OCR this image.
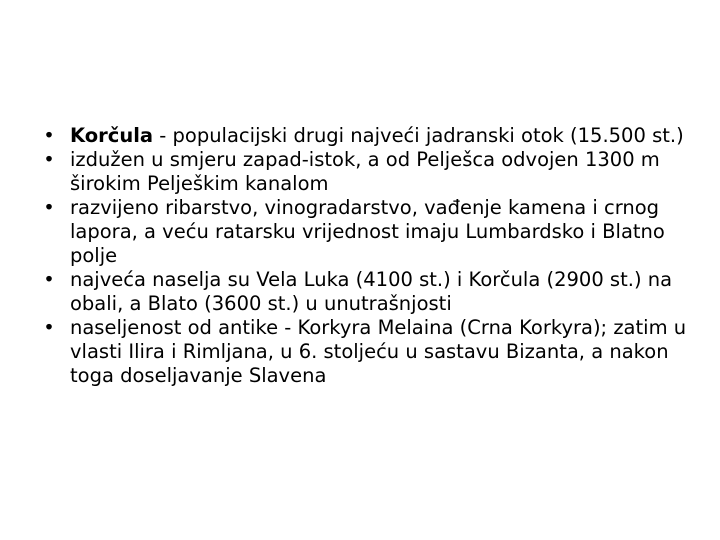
• Korčula - populacijski drugi najveći jadranski otok (15.500 st.)
• izdužen u smjeru zapad-istok, a od Pelješca odvojen 1300 m širokim Pelješkim kanalom
• razvijeno ribarstvo, vinogradarstvo, vađenje kamena i crnog lapora, a veću ratarsku vrijednost imaju Lumbardsko i Blatno polje
• najveća naselja su Vela Luka (4100 st.) i Korčula (2900 st.) na obali, a Blato (3600 st.) u unutrašnjosti
• naseljenost od antike - Korkyra Melaina (Crna Korkyra); zatim u vlasti Ilira i Rimljana, u 6. stoljeću u sastavu Bizanta, a nakon toga doseljavanje Slavena
